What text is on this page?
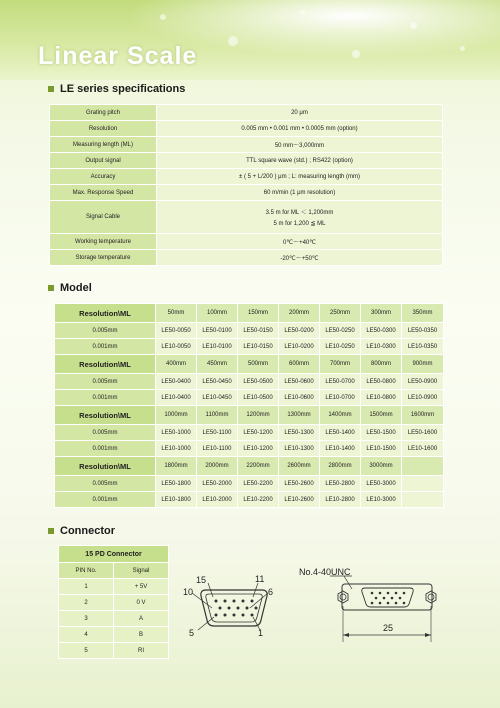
Linear Scale
LE series specifications
Grating pitch	20 μm

Resolution	0.005 mm • 0.001 mm • 0.0005 mm (option)

Measuring length (ML)	50 mm～3,000mm

Output signal	TTL square wave (std.) ; RS422 (option)

Accuracy	± ( 5 + L/200 ) μm ; L: measuring length (mm)

Max. Response Speed	60 m/min (1 μm resolution)

Signal Cable	3.5 m for ML ＜ 1,200mm
5 m for 1,200 ≦ ML

Working temperature	0℃～+40℃

Storage temperature	-20℃～+50℃
Model
Resolution\ML	50mm	100mm	150mm	200mm	250mm	300mm	350mm
0.005mm	LE50-0050	LE50-0100	LE50-0150	LE50-0200	LE50-0250	LE50-0300	LE50-0350
0.001mm	LE10-0050	LE10-0100	LE10-0150	LE10-0200	LE10-0250	LE10-0300	LE10-0350
Resolution\ML	400mm	450mm	500mm	600mm	700mm	800mm	900mm
0.005mm	LE50-0400	LE50-0450	LE50-0500	LE50-0600	LE50-0700	LE50-0800	LE50-0900
0.001mm	LE10-0400	LE10-0450	LE10-0500	LE10-0600	LE10-0700	LE10-0800	LE10-0900
Resolution\ML	1000mm	1100mm	1200mm	1300mm	1400mm	1500mm	1600mm
0.005mm	LE50-1000	LE50-1100	LE50-1200	LE50-1300	LE50-1400	LE50-1500	LE50-1600
0.001mm	LE10-1000	LE10-1100	LE10-1200	LE10-1300	LE10-1400	LE10-1500	LE10-1600
Resolution\ML	1800mm	2000mm	2200mm	2600mm	2800mm	3000mm	
0.005mm	LE50-1800	LE50-2000	LE50-2200	LE50-2600	LE50-2800	LE50-3000	
0.001mm	LE10-1800	LE10-2000	LE10-2200	LE10-2600	LE10-2800	LE10-3000	
Connector
15 PD Connector	
PIN No.	Signal
1	+ 5V
2	0 V
3	A
4	B
5	RI
15	11
10	6
5	1	25
No.4-40UNC
